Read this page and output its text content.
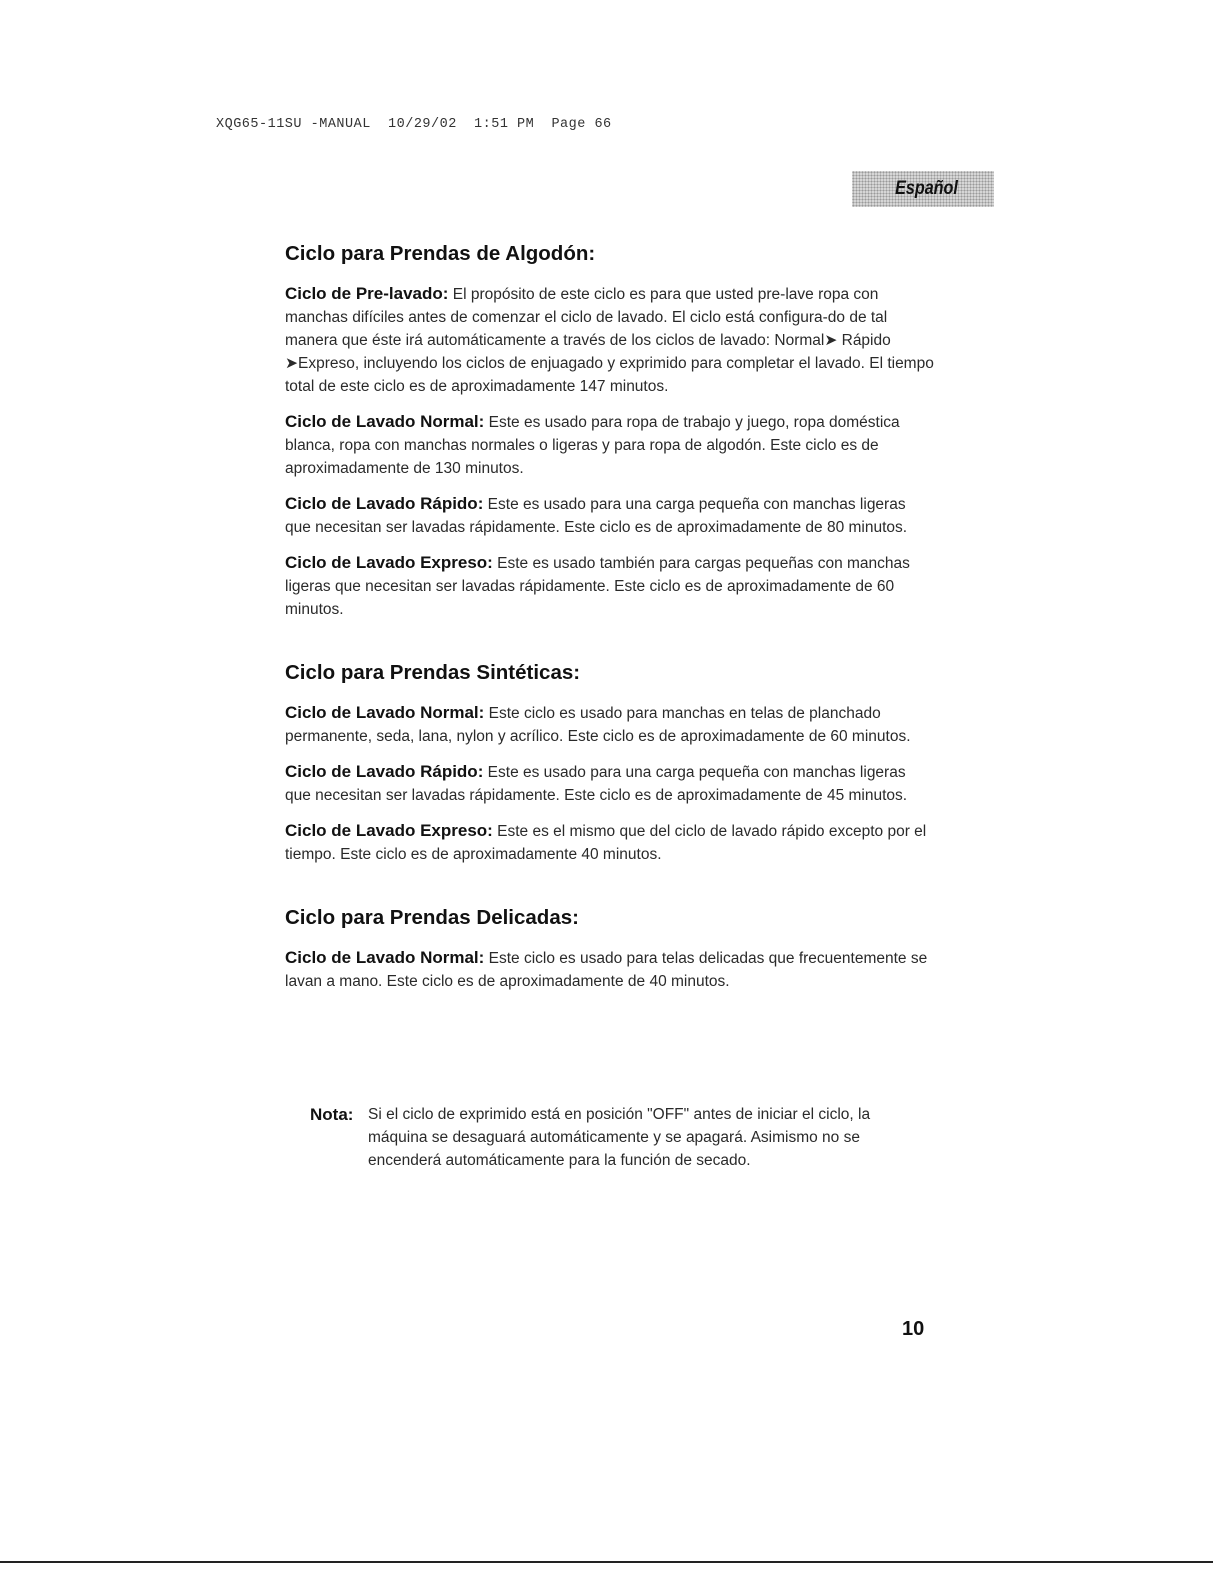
XQG65-11SU -MANUAL  10/29/02  1:51 PM  Page 66
Español
Ciclo para Prendas de Algodón:

Ciclo de Pre-lavado: El propósito de este ciclo es para que usted pre-lave ropa con manchas difíciles antes de comenzar el ciclo de lavado. El ciclo está configura-do de tal manera que éste irá automáticamente a través de los ciclos de lavado: Normal➤ Rápido ➤Expreso, incluyendo los ciclos de enjuagado y exprimido para completar el lavado. El tiempo total de este ciclo es de aproximadamente 147 minutos.

Ciclo de Lavado Normal: Este es usado para ropa de trabajo y juego, ropa doméstica blanca, ropa con manchas normales o ligeras y para ropa de algodón. Este ciclo es de aproximadamente de 130 minutos.

Ciclo de Lavado Rápido: Este es usado para una carga pequeña con manchas ligeras que necesitan ser lavadas rápidamente. Este ciclo es de aproximadamente de 80 minutos.

Ciclo de Lavado Expreso: Este es usado también para cargas pequeñas con manchas ligeras que necesitan ser lavadas rápidamente. Este ciclo es de aproximadamente de 60 minutos.

Ciclo para Prendas Sintéticas:

Ciclo de Lavado Normal: Este ciclo es usado para manchas en telas de planchado permanente, seda, lana, nylon y acrílico. Este ciclo es de aproximadamente de 60 minutos.

Ciclo de Lavado Rápido: Este es usado para una carga pequeña con manchas ligeras que necesitan ser lavadas rápidamente. Este ciclo es de aproximadamente de 45 minutos.

Ciclo de Lavado Expreso: Este es el mismo que del ciclo de lavado rápido excepto por el tiempo. Este ciclo es de aproximadamente 40 minutos.

Ciclo para Prendas Delicadas:

Ciclo de Lavado Normal: Este ciclo es usado para telas delicadas que frecuentemente se lavan a mano. Este ciclo es de aproximadamente de 40 minutos.

Nota: Si el ciclo de exprimido está en posición "OFF" antes de iniciar el ciclo, la máquina se desaguará automáticamente y se apagará. Asimismo no se encenderá automáticamente para la función de secado.
10
